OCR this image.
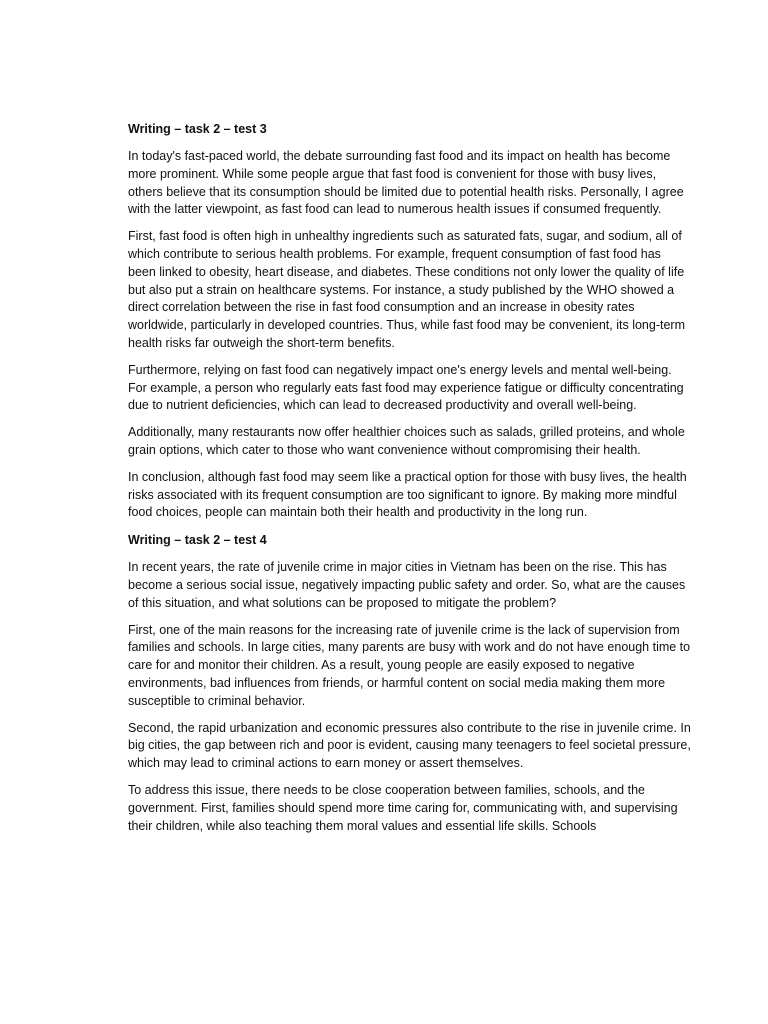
Writing – task 2 – test 3

In today's fast-paced world, the debate surrounding fast food and its impact on health has become more prominent. While some people argue that fast food is convenient for those with busy lives, others believe that its consumption should be limited due to potential health risks. Personally, I agree with the latter viewpoint, as fast food can lead to numerous health issues if consumed frequently.

First, fast food is often high in unhealthy ingredients such as saturated fats, sugar, and sodium, all of which contribute to serious health problems. For example, frequent consumption of fast food has been linked to obesity, heart disease, and diabetes. These conditions not only lower the quality of life but also put a strain on healthcare systems. For instance, a study published by the WHO showed a direct correlation between the rise in fast food consumption and an increase in obesity rates worldwide, particularly in developed countries. Thus, while fast food may be convenient, its long-term health risks far outweigh the short-term benefits.

Furthermore, relying on fast food can negatively impact one's energy levels and mental well-being. For example, a person who regularly eats fast food may experience fatigue or difficulty concentrating due to nutrient deficiencies, which can lead to decreased productivity and overall well-being.

Additionally, many restaurants now offer healthier choices such as salads, grilled proteins, and whole grain options, which cater to those who want convenience without compromising their health.

In conclusion, although fast food may seem like a practical option for those with busy lives, the health risks associated with its frequent consumption are too significant to ignore. By making more mindful food choices, people can maintain both their health and productivity in the long run.

Writing – task 2 – test 4

In recent years, the rate of juvenile crime in major cities in Vietnam has been on the rise. This has become a serious social issue, negatively impacting public safety and order. So, what are the causes of this situation, and what solutions can be proposed to mitigate the problem?

First, one of the main reasons for the increasing rate of juvenile crime is the lack of supervision from families and schools. In large cities, many parents are busy with work and do not have enough time to care for and monitor their children. As a result, young people are easily exposed to negative environments, bad influences from friends, or harmful content on social media making them more susceptible to criminal behavior.

Second, the rapid urbanization and economic pressures also contribute to the rise in juvenile crime. In big cities, the gap between rich and poor is evident, causing many teenagers to feel societal pressure, which may lead to criminal actions to earn money or assert themselves.

To address this issue, there needs to be close cooperation between families, schools, and the government. First, families should spend more time caring for, communicating with, and supervising their children, while also teaching them moral values and essential life skills. Schools
